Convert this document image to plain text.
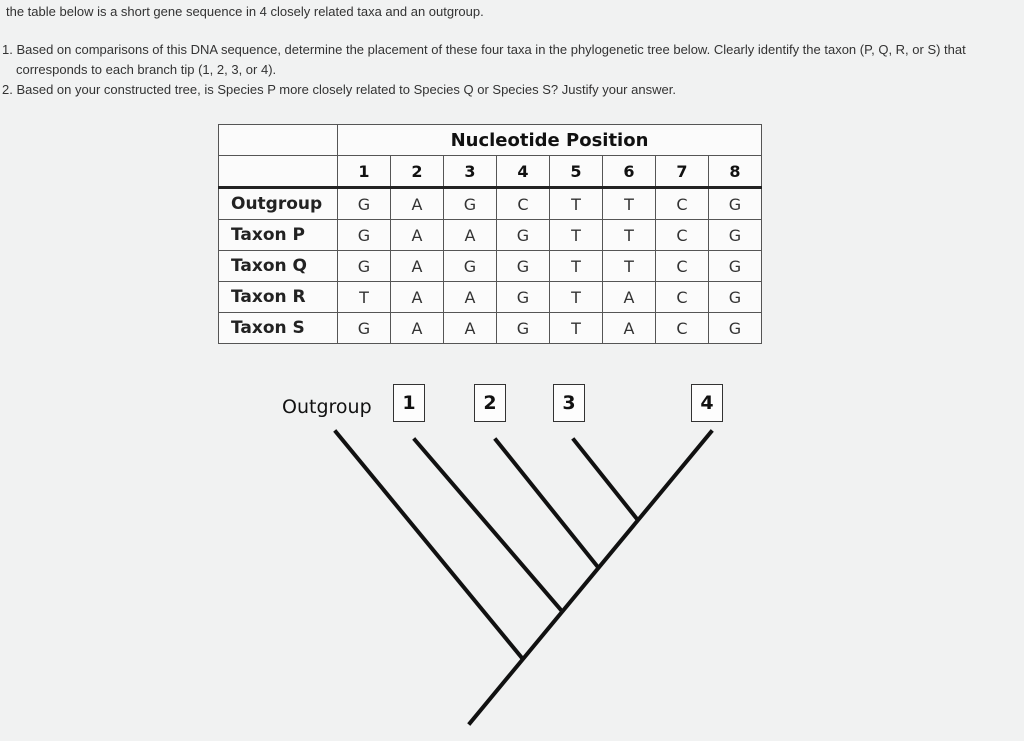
the table below is a short gene sequence in 4 closely related taxa and an outgroup.
1. Based on comparisons of this DNA sequence, determine the placement of these four taxa in the phylogenetic tree below. Clearly identify the taxon (P, Q, R, or S) that
corresponds to each branch tip (1, 2, 3, or 4).
2. Based on your constructed tree, is Species P more closely related to Species Q or Species S? Justify your answer.
	Nucleotide Position							
	1	2	3	4	5	6	7	8
Outgroup	G	A	G	C	T	T	C	G
Taxon P	G	A	A	G	T	T	C	G
Taxon Q	G	A	G	G	T	T	C	G
Taxon R	T	A	A	G	T	A	C	G
Taxon S	G	A	A	G	T	A	C	G
Outgroup	1	2	3	4
